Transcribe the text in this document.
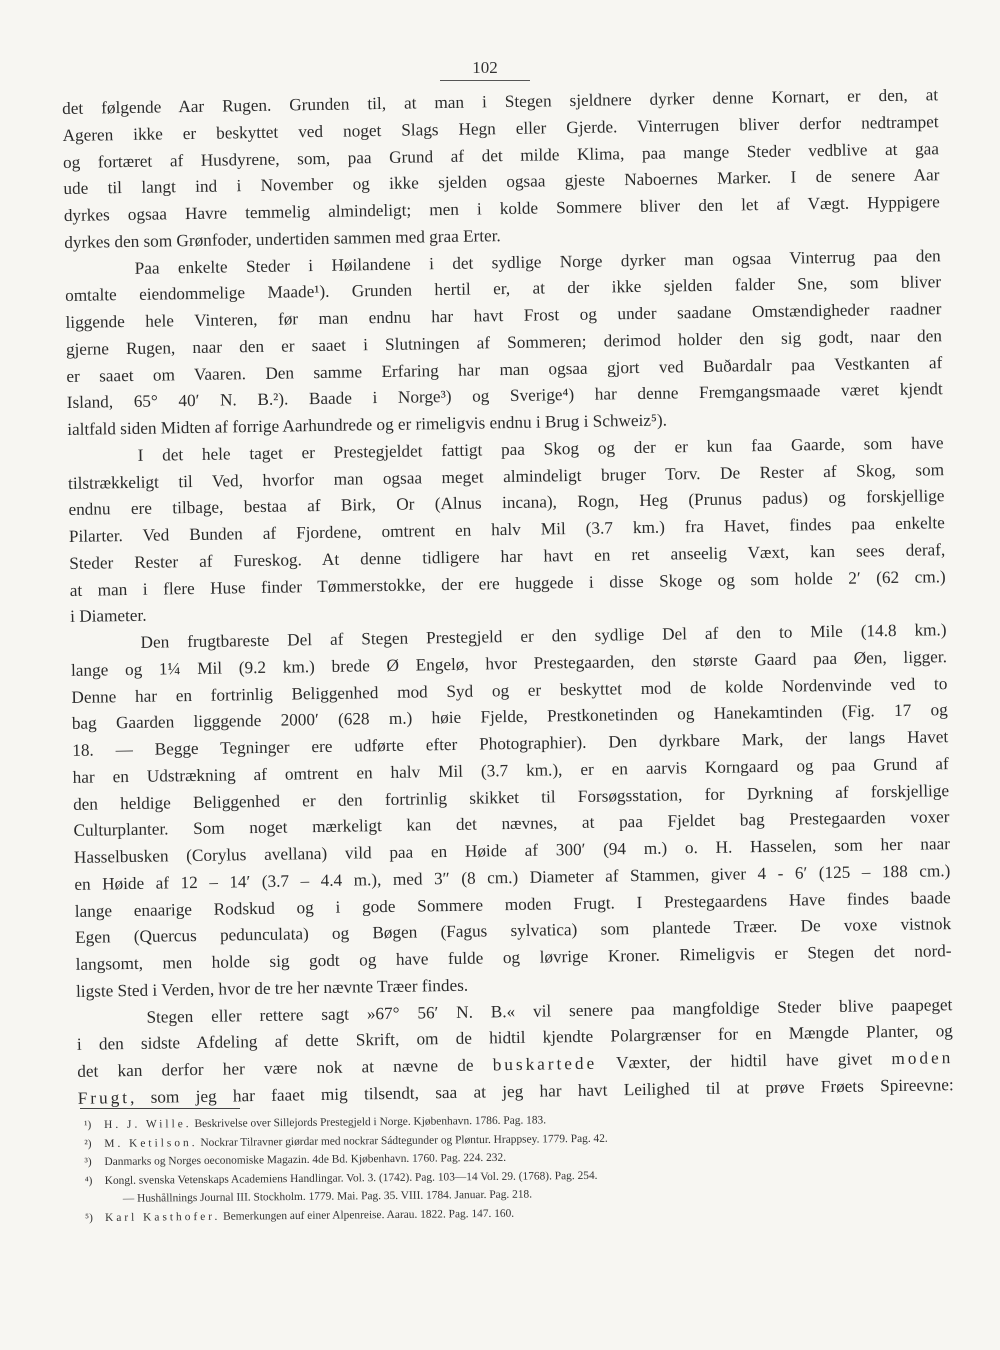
102
det følgende Aar Rugen. Grunden til, at man i Stegen sjeldnere dyrker denne Kornart, er den, at
Ageren ikke er beskyttet ved noget Slags Hegn eller Gjerde. Vinterrugen bliver derfor nedtrampet
og fortæret af Husdyrene, som, paa Grund af det milde Klima, paa mange Steder vedblive at gaa
ude til langt ind i November og ikke sjelden ogsaa gjeste Naboernes Marker. I de senere Aar
dyrkes ogsaa Havre temmelig almindeligt; men i kolde Sommere bliver den let af Vægt. Hyppigere
dyrkes den som Grønfoder, undertiden sammen med graa Erter.
Paa enkelte Steder i Høilandene i det sydlige Norge dyrker man ogsaa Vinterrug paa den
omtalte eiendommelige Maade¹). Grunden hertil er, at der ikke sjelden falder Sne, som bliver
liggende hele Vinteren, før man endnu har havt Frost og under saadane Omstændigheder raadner
gjerne Rugen, naar den er saaet i Slutningen af Sommeren; derimod holder den sig godt, naar den
er saaet om Vaaren. Den samme Erfaring har man ogsaa gjort ved Buðardalr paa Vestkanten af
Island, 65° 40′ N. B.²). Baade i Norge³) og Sverige⁴) har denne Fremgangsmaade været kjendt
ialtfald siden Midten af forrige Aarhundrede og er rimeligvis endnu i Brug i Schweiz⁵).
I det hele taget er Prestegjeldet fattigt paa Skog og der er kun faa Gaarde, som have
tilstrækkeligt til Ved, hvorfor man ogsaa meget almindeligt bruger Torv. De Rester af Skog, som
endnu ere tilbage, bestaa af Birk, Or (Alnus incana), Rogn, Heg (Prunus padus) og forskjellige
Pilarter. Ved Bunden af Fjordene, omtrent en halv Mil (3.7 km.) fra Havet, findes paa enkelte
Steder Rester af Fureskog. At denne tidligere har havt en ret anseelig Væxt, kan sees deraf,
at man i flere Huse finder Tømmerstokke, der ere huggede i disse Skoge og som holde 2′ (62 cm.)
i Diameter.
Den frugtbareste Del af Stegen Prestegjeld er den sydlige Del af den to Mile (14.8 km.)
lange og 1¼ Mil (9.2 km.) brede Ø Engelø, hvor Prestegaarden, den største Gaard paa Øen, ligger.
Denne har en fortrinlig Beliggenhed mod Syd og er beskyttet mod de kolde Nordenvinde ved to
bag Gaarden ligggende 2000′ (628 m.) høie Fjelde, Prestkonetinden og Hanekamtinden (Fig. 17 og
18. — Begge Tegninger ere udførte efter Photographier). Den dyrkbare Mark, der langs Havet
har en Udstrækning af omtrent en halv Mil (3.7 km.), er en aarvis Korngaard og paa Grund af
den heldige Beliggenhed er den fortrinlig skikket til Forsøgsstation, for Dyrkning af forskjellige
Culturplanter. Som noget mærkeligt kan det nævnes, at paa Fjeldet bag Prestegaarden voxer
Hasselbusken (Corylus avellana) vild paa en Høide af 300′ (94 m.) o. H. Hasselen, som her naar
en Høide af 12 – 14′ (3.7 – 4.4 m.), med 3″ (8 cm.) Diameter af Stammen, giver 4 - 6′ (125 – 188 cm.)
lange enaarige Rodskud og i gode Sommere moden Frugt. I Prestegaardens Have findes baade
Egen (Quercus pedunculata) og Bøgen (Fagus sylvatica) som plantede Træer. De voxe vistnok
langsomt, men holde sig godt og have fulde og løvrige Kroner. Rimeligvis er Stegen det nord-
ligste Sted i Verden, hvor de tre her nævnte Træer findes.
Stegen eller rettere sagt »67° 56′ N. B.« vil senere paa mangfoldige Steder blive paapeget
i den sidste Afdeling af dette Skrift, om de hidtil kjendte Polargrænser for en Mængde Planter, og
det kan derfor her være nok at nævne de buskartede Væxter, der hidtil have givet moden
Frugt, som jeg har faaet mig tilsendt, saa at jeg har havt Leilighed til at prøve Frøets Spireevne:
¹) H. J. Wille. Beskrivelse over Sillejords Prestegjeld i Norge. Kjøbenhavn. 1786. Pag. 183.
²) M. Ketilson. Nockrar Tilravner giørdar med nockrar Sádtegunder og Pløntur. Hrappsey. 1779. Pag. 42.
³) Danmarks og Norges oeconomiske Magazin. 4de Bd. Kjøbenhavn. 1760. Pag. 224. 232.
⁴) Kongl. svenska Vetenskaps Academiens Handlingar. Vol. 3. (1742). Pag. 103—14 Vol. 29. (1768). Pag. 254.
— Hushållnings Journal III. Stockholm. 1779. Mai. Pag. 35. VIII. 1784. Januar. Pag. 218.
⁵) Karl Kasthofer. Bemerkungen auf einer Alpenreise. Aarau. 1822. Pag. 147. 160.
